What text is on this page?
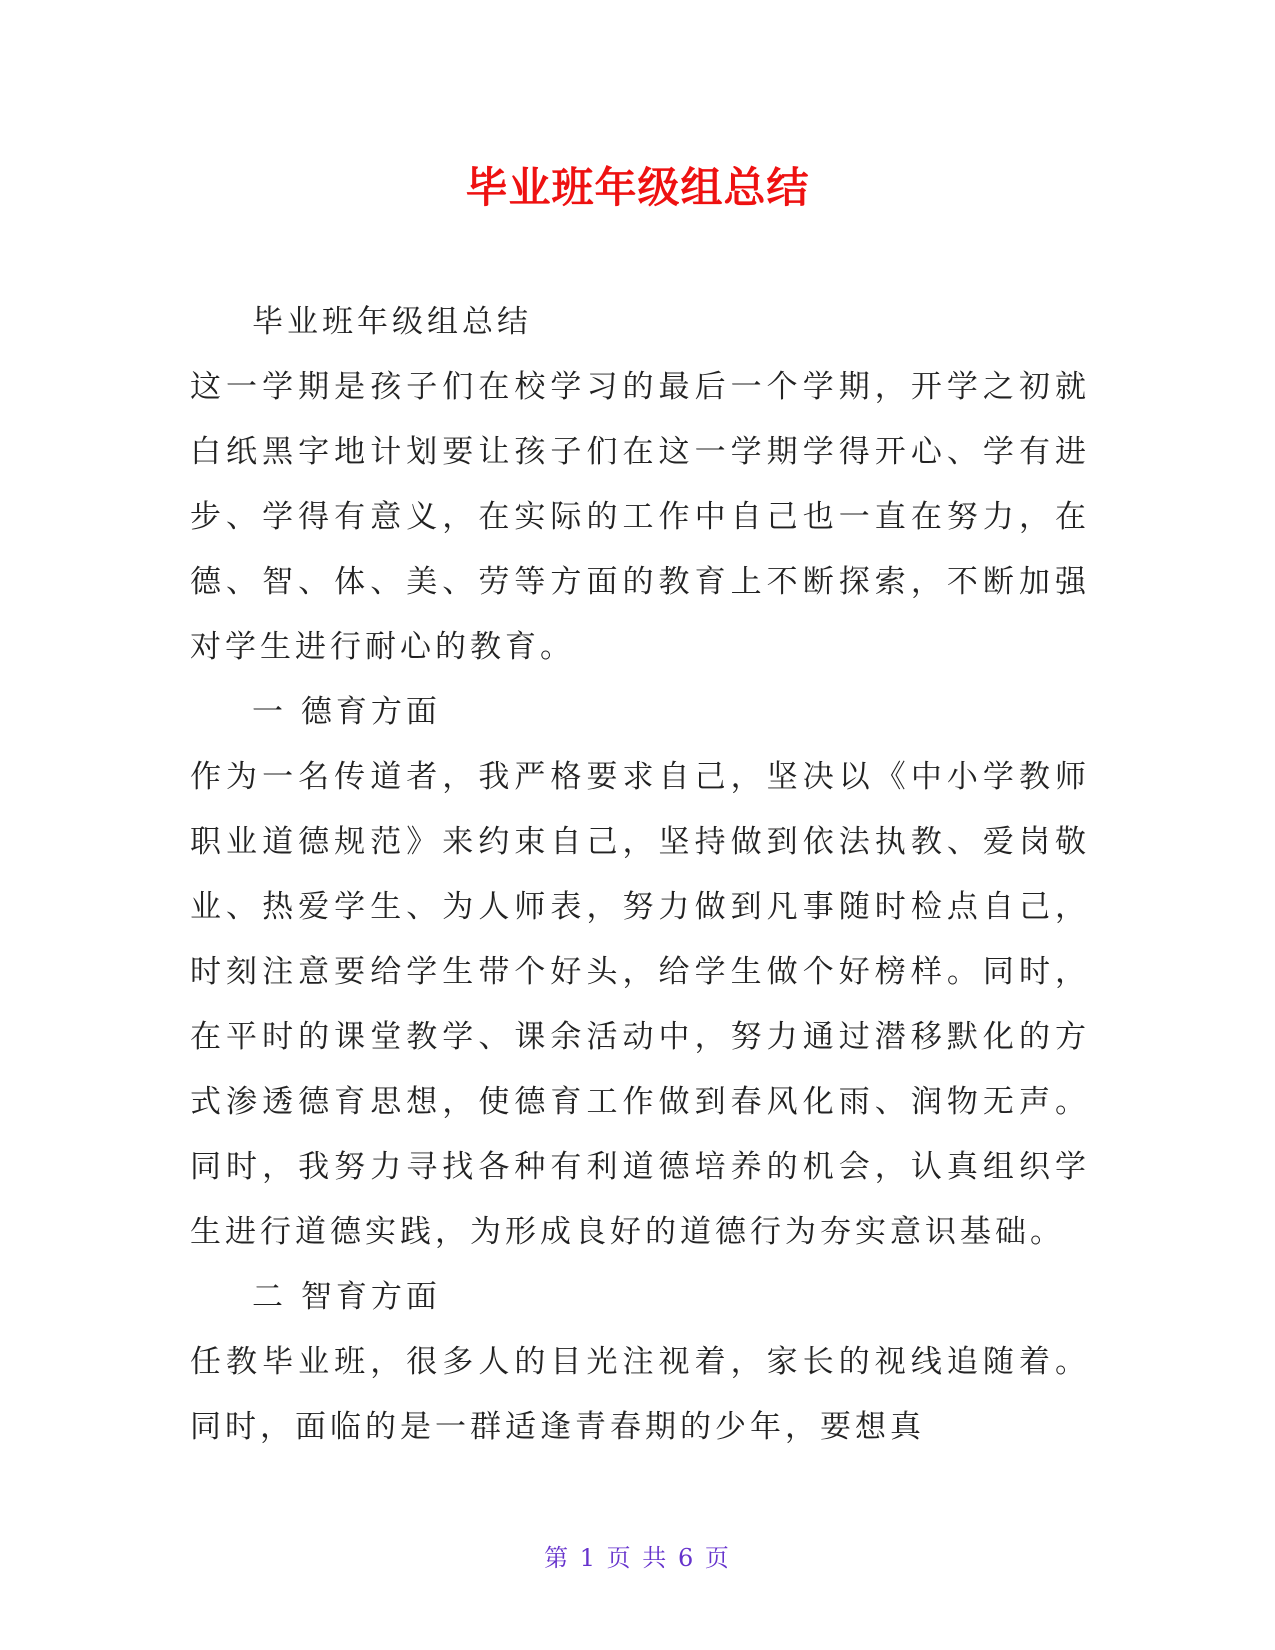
毕业班年级组总结

毕业班年级组总结

这一学期是孩子们在校学习的最后一个学期，开学之初就白纸黑字地计划要让孩子们在这一学期学得开心、学有进步、学得有意义，在实际的工作中自己也一直在努力，在德、智、体、美、劳等方面的教育上不断探索，不断加强对学生进行耐心的教育。

一 德育方面

作为一名传道者，我严格要求自己，坚决以《中小学教师职业道德规范》来约束自己，坚持做到依法执教、爱岗敬业、热爱学生、为人师表，努力做到凡事随时检点自己，时刻注意要给学生带个好头，给学生做个好榜样。同时，在平时的课堂教学、课余活动中，努力通过潜移默化的方式渗透德育思想，使德育工作做到春风化雨、润物无声。同时，我努力寻找各种有利道德培养的机会，认真组织学生进行道德实践，为形成良好的道德行为夯实意识基础。

二 智育方面

任教毕业班，很多人的目光注视着，家长的视线追随着。同时，面临的是一群适逢青春期的少年，要想真

第 1 页 共 6 页
